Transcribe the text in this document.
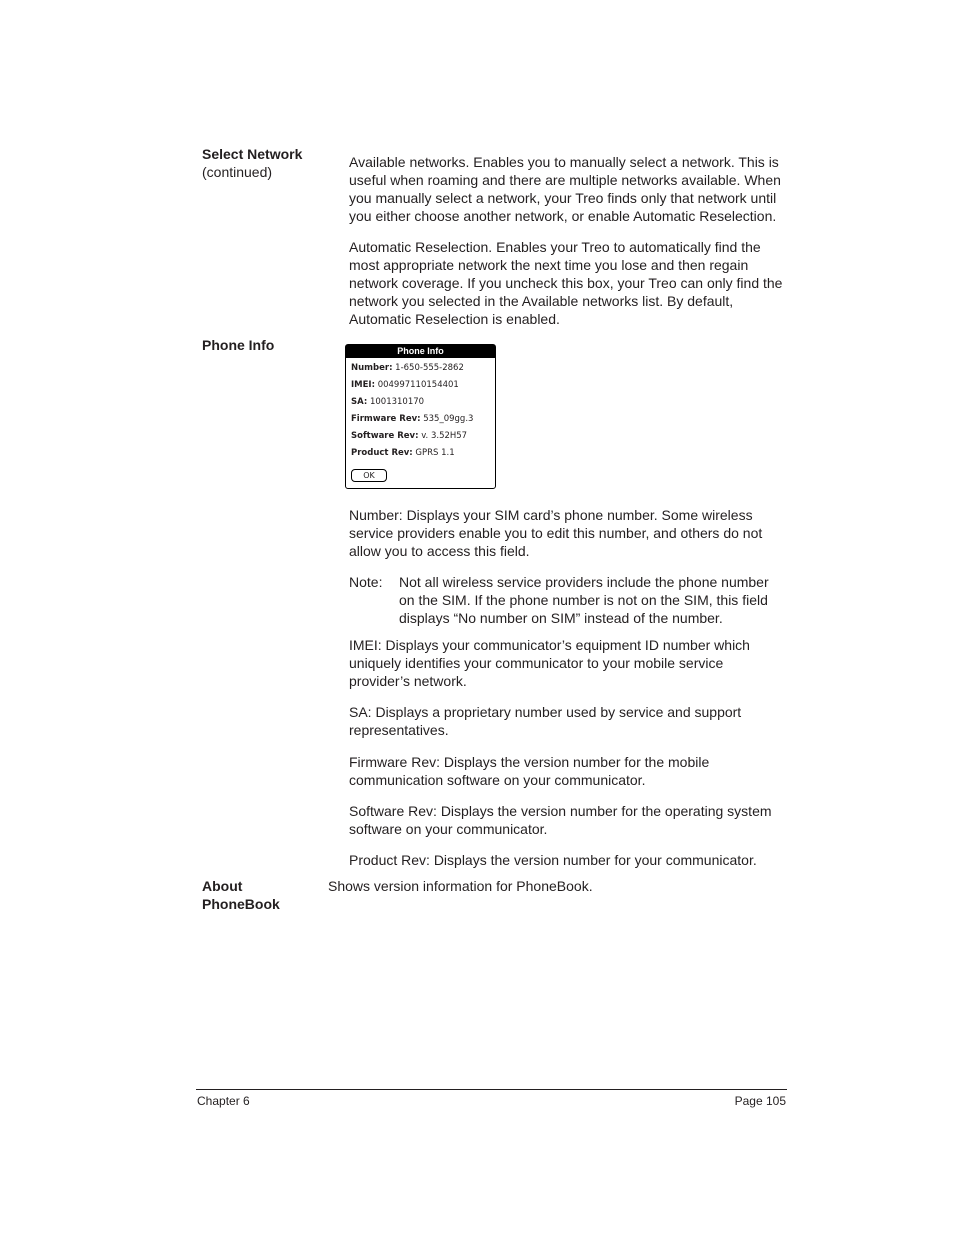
Select Network
(continued)
Available networks. Enables you to manually select a network. This is useful when roaming and there are multiple networks available. When you manually select a network, your Treo finds only that network until you either choose another network, or enable Automatic Reselection.
Automatic Reselection. Enables your Treo to automatically find the most appropriate network the next time you lose and then regain network coverage. If you uncheck this box, your Treo can only find the network you selected in the Available networks list. By default, Automatic Reselection is enabled.
Phone Info	Phone Info
Number: 1-650-555-2862
IMEI: 004997110154401
SA: 1001310170
Firmware Rev: 535_09gg.3
Software Rev: v. 3.52H57
Product Rev: GPRS 1.1
OK
Number: Displays your SIM card’s phone number. Some wireless service providers enable you to edit this number, and others do not allow you to access this field.
Note: Not all wireless service providers include the phone number on the SIM. If the phone number is not on the SIM, this field displays “No number on SIM” instead of the number.
IMEI: Displays your communicator’s equipment ID number which uniquely identifies your communicator to your mobile service provider’s network.
SA: Displays a proprietary number used by service and support representatives.
Firmware Rev: Displays the version number for the mobile communication software on your communicator.
Software Rev: Displays the version number for the operating system software on your communicator.
Product Rev: Displays the version number for your communicator.
About
PhoneBook
Shows version information for PhoneBook.
Chapter 6	Page 105
